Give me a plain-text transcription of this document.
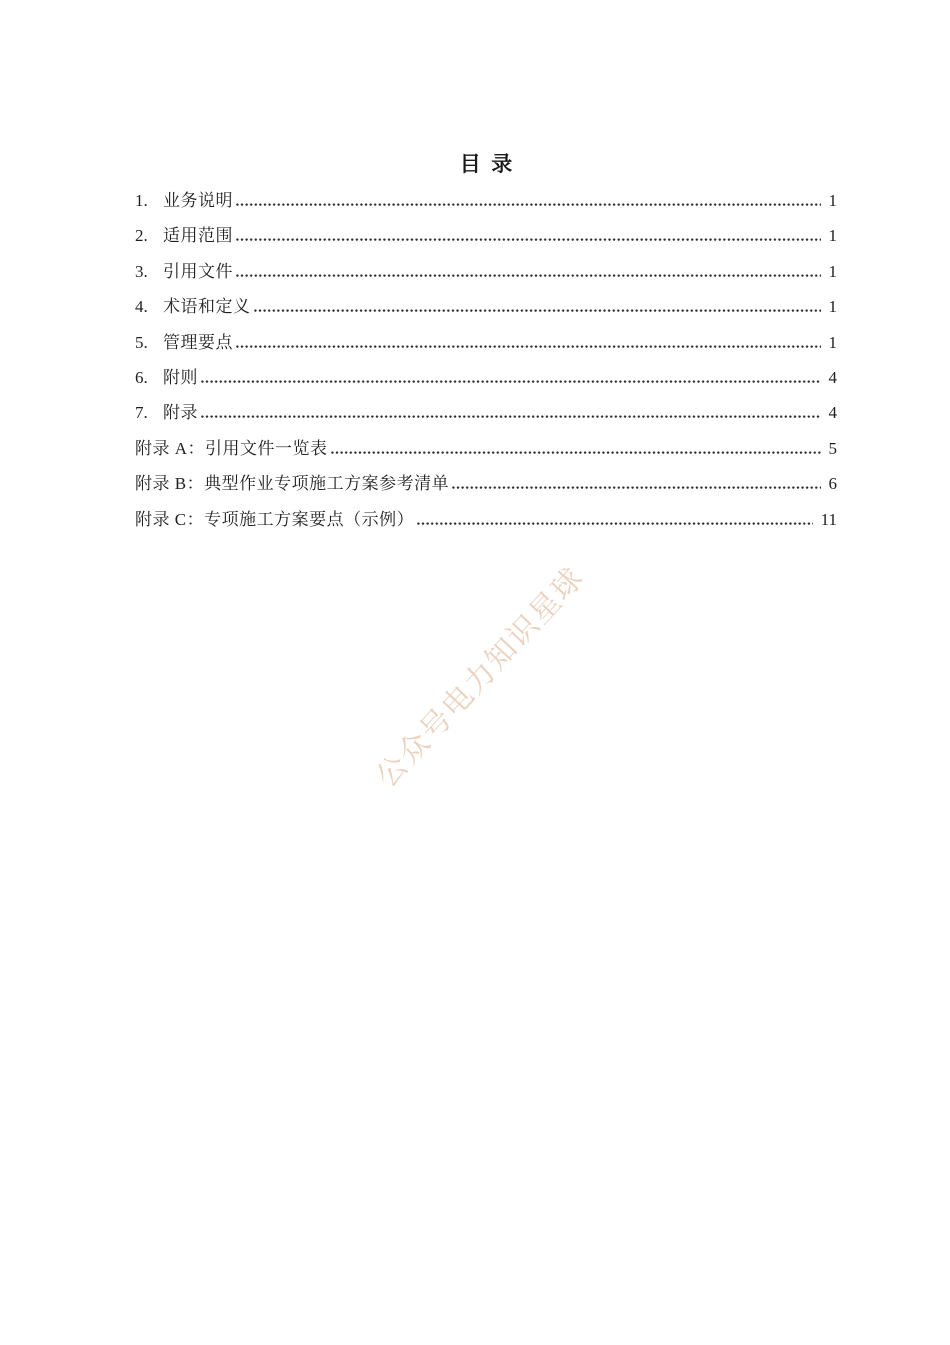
目  录
1. 业务说明	1
2. 适用范围	1
3. 引用文件	1
4. 术语和定义	1
5. 管理要点	1
6. 附则	4
7. 附录	4
附录 A：引用文件一览表	5
附录 B：典型作业专项施工方案参考清单	6
附录 C：专项施工方案要点（示例）	11
公众号电力知识星球
